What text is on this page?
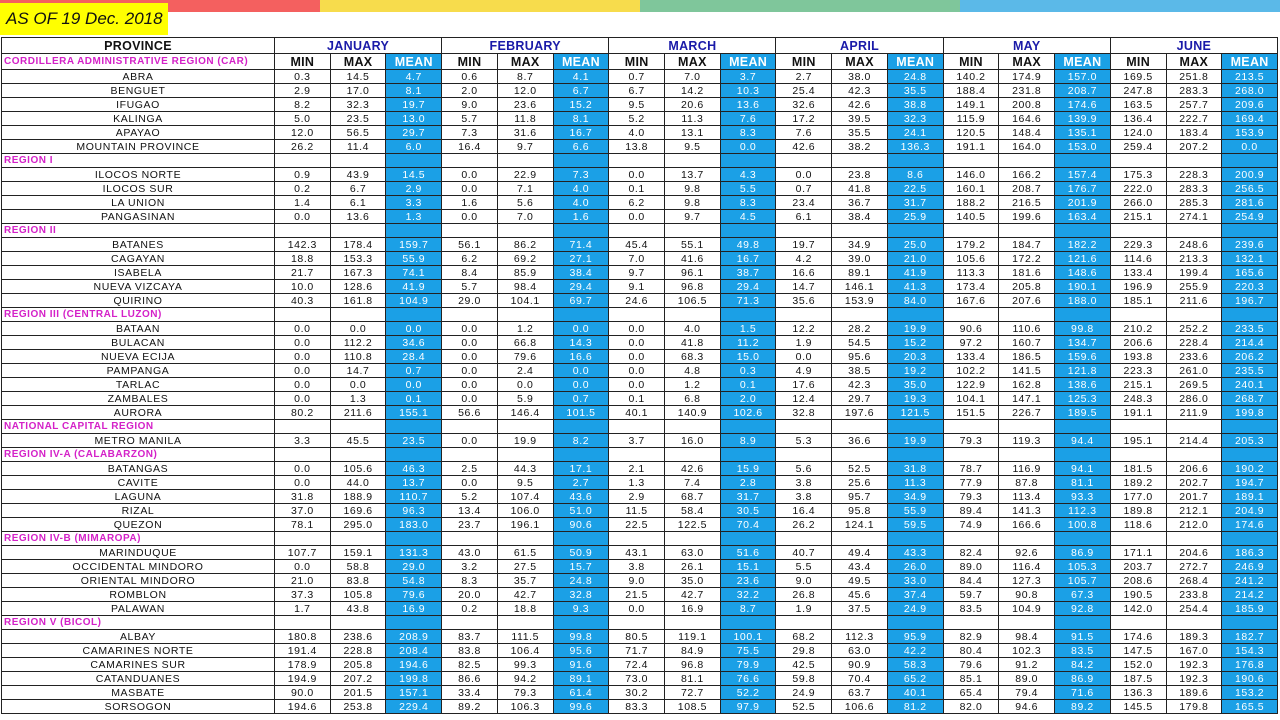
AS OF 19 Dec. 2018
PROVINCE	JANUARY			FEBRUARY			MARCH			APRIL			MAY			JUNE		
CORDILLERA ADMINISTRATIVE REGION (CAR)	MIN	MAX	MEAN	MIN	MAX	MEAN	MIN	MAX	MEAN	MIN	MAX	MEAN	MIN	MAX	MEAN	MIN	MAX	MEAN
ABRA	0.3	14.5	4.7	0.6	8.7	4.1	0.7	7.0	3.7	2.7	38.0	24.8	140.2	174.9	157.0	169.5	251.8	213.5
BENGUET	2.9	17.0	8.1	2.0	12.0	6.7	6.7	14.2	10.3	25.4	42.3	35.5	188.4	231.8	208.7	247.8	283.3	268.0
IFUGAO	8.2	32.3	19.7	9.0	23.6	15.2	9.5	20.6	13.6	32.6	42.6	38.8	149.1	200.8	174.6	163.5	257.7	209.6
KALINGA	5.0	23.5	13.0	5.7	11.8	8.1	5.2	11.3	7.6	17.2	39.5	32.3	115.9	164.6	139.9	136.4	222.7	169.4
APAYAO	12.0	56.5	29.7	7.3	31.6	16.7	4.0	13.1	8.3	7.6	35.5	24.1	120.5	148.4	135.1	124.0	183.4	153.9
MOUNTAIN PROVINCE	26.2	11.4	6.0	16.4	9.7	6.6	13.8	9.5	0.0	42.6	38.2	136.3	191.1	164.0	153.0	259.4	207.2	0.0
REGION I																		
ILOCOS NORTE	0.9	43.9	14.5	0.0	22.9	7.3	0.0	13.7	4.3	0.0	23.8	8.6	146.0	166.2	157.4	175.3	228.3	200.9
ILOCOS SUR	0.2	6.7	2.9	0.0	7.1	4.0	0.1	9.8	5.5	0.7	41.8	22.5	160.1	208.7	176.7	222.0	283.3	256.5
LA UNION	1.4	6.1	3.3	1.6	5.6	4.0	6.2	9.8	8.3	23.4	36.7	31.7	188.2	216.5	201.9	266.0	285.3	281.6
PANGASINAN	0.0	13.6	1.3	0.0	7.0	1.6	0.0	9.7	4.5	6.1	38.4	25.9	140.5	199.6	163.4	215.1	274.1	254.9
REGION II																		
BATANES	142.3	178.4	159.7	56.1	86.2	71.4	45.4	55.1	49.8	19.7	34.9	25.0	179.2	184.7	182.2	229.3	248.6	239.6
CAGAYAN	18.8	153.3	55.9	6.2	69.2	27.1	7.0	41.6	16.7	4.2	39.0	21.0	105.6	172.2	121.6	114.6	213.3	132.1
ISABELA	21.7	167.3	74.1	8.4	85.9	38.4	9.7	96.1	38.7	16.6	89.1	41.9	113.3	181.6	148.6	133.4	199.4	165.6
NUEVA VIZCAYA	10.0	128.6	41.9	5.7	98.4	29.4	9.1	96.8	29.4	14.7	146.1	41.3	173.4	205.8	190.1	196.9	255.9	220.3
QUIRINO	40.3	161.8	104.9	29.0	104.1	69.7	24.6	106.5	71.3	35.6	153.9	84.0	167.6	207.6	188.0	185.1	211.6	196.7
REGION III (CENTRAL LUZON)																		
BATAAN	0.0	0.0	0.0	0.0	1.2	0.0	0.0	4.0	1.5	12.2	28.2	19.9	90.6	110.6	99.8	210.2	252.2	233.5
BULACAN	0.0	112.2	34.6	0.0	66.8	14.3	0.0	41.8	11.2	1.9	54.5	15.2	97.2	160.7	134.7	206.6	228.4	214.4
NUEVA ECIJA	0.0	110.8	28.4	0.0	79.6	16.6	0.0	68.3	15.0	0.0	95.6	20.3	133.4	186.5	159.6	193.8	233.6	206.2
PAMPANGA	0.0	14.7	0.7	0.0	2.4	0.0	0.0	4.8	0.3	4.9	38.5	19.2	102.2	141.5	121.8	223.3	261.0	235.5
TARLAC	0.0	0.0	0.0	0.0	0.0	0.0	0.0	1.2	0.1	17.6	42.3	35.0	122.9	162.8	138.6	215.1	269.5	240.1
ZAMBALES	0.0	1.3	0.1	0.0	5.9	0.7	0.1	6.8	2.0	12.4	29.7	19.3	104.1	147.1	125.3	248.3	286.0	268.7
AURORA	80.2	211.6	155.1	56.6	146.4	101.5	40.1	140.9	102.6	32.8	197.6	121.5	151.5	226.7	189.5	191.1	211.9	199.8
NATIONAL CAPITAL REGION																		
METRO MANILA	3.3	45.5	23.5	0.0	19.9	8.2	3.7	16.0	8.9	5.3	36.6	19.9	79.3	119.3	94.4	195.1	214.4	205.3
REGION IV-A (CALABARZON)																		
BATANGAS	0.0	105.6	46.3	2.5	44.3	17.1	2.1	42.6	15.9	5.6	52.5	31.8	78.7	116.9	94.1	181.5	206.6	190.2
CAVITE	0.0	44.0	13.7	0.0	9.5	2.7	1.3	7.4	2.8	3.8	25.6	11.3	77.9	87.8	81.1	189.2	202.7	194.7
LAGUNA	31.8	188.9	110.7	5.2	107.4	43.6	2.9	68.7	31.7	3.8	95.7	34.9	79.3	113.4	93.3	177.0	201.7	189.1
RIZAL	37.0	169.6	96.3	13.4	106.0	51.0	11.5	58.4	30.5	16.4	95.8	55.9	89.4	141.3	112.3	189.8	212.1	204.9
QUEZON	78.1	295.0	183.0	23.7	196.1	90.6	22.5	122.5	70.4	26.2	124.1	59.5	74.9	166.6	100.8	118.6	212.0	174.6
REGION IV-B (MIMAROPA)																		
MARINDUQUE	107.7	159.1	131.3	43.0	61.5	50.9	43.1	63.0	51.6	40.7	49.4	43.3	82.4	92.6	86.9	171.1	204.6	186.3
OCCIDENTAL MINDORO	0.0	58.8	29.0	3.2	27.5	15.7	3.8	26.1	15.1	5.5	43.4	26.0	89.0	116.4	105.3	203.7	272.7	246.9
ORIENTAL MINDORO	21.0	83.8	54.8	8.3	35.7	24.8	9.0	35.0	23.6	9.0	49.5	33.0	84.4	127.3	105.7	208.6	268.4	241.2
ROMBLON	37.3	105.8	79.6	20.0	42.7	32.8	21.5	42.7	32.2	26.8	45.6	37.4	59.7	90.8	67.3	190.5	233.8	214.2
PALAWAN	1.7	43.8	16.9	0.2	18.8	9.3	0.0	16.9	8.7	1.9	37.5	24.9	83.5	104.9	92.8	142.0	254.4	185.9
REGION V (BICOL)																		
ALBAY	180.8	238.6	208.9	83.7	111.5	99.8	80.5	119.1	100.1	68.2	112.3	95.9	82.9	98.4	91.5	174.6	189.3	182.7
CAMARINES NORTE	191.4	228.8	208.4	83.8	106.4	95.6	71.7	84.9	75.5	29.8	63.0	42.2	80.4	102.3	83.5	147.5	167.0	154.3
CAMARINES SUR	178.9	205.8	194.6	82.5	99.3	91.6	72.4	96.8	79.9	42.5	90.9	58.3	79.6	91.2	84.2	152.0	192.3	176.8
CATANDUANES	194.9	207.2	199.8	86.6	94.2	89.1	73.0	81.1	76.6	59.8	70.4	65.2	85.1	89.0	86.9	187.5	192.3	190.6
MASBATE	90.0	201.5	157.1	33.4	79.3	61.4	30.2	72.7	52.2	24.9	63.7	40.1	65.4	79.4	71.6	136.3	189.6	153.2
SORSOGON	194.6	253.8	229.4	89.2	106.3	99.6	83.3	108.5	97.9	52.5	106.6	81.2	82.0	94.6	89.2	145.5	179.8	165.5
